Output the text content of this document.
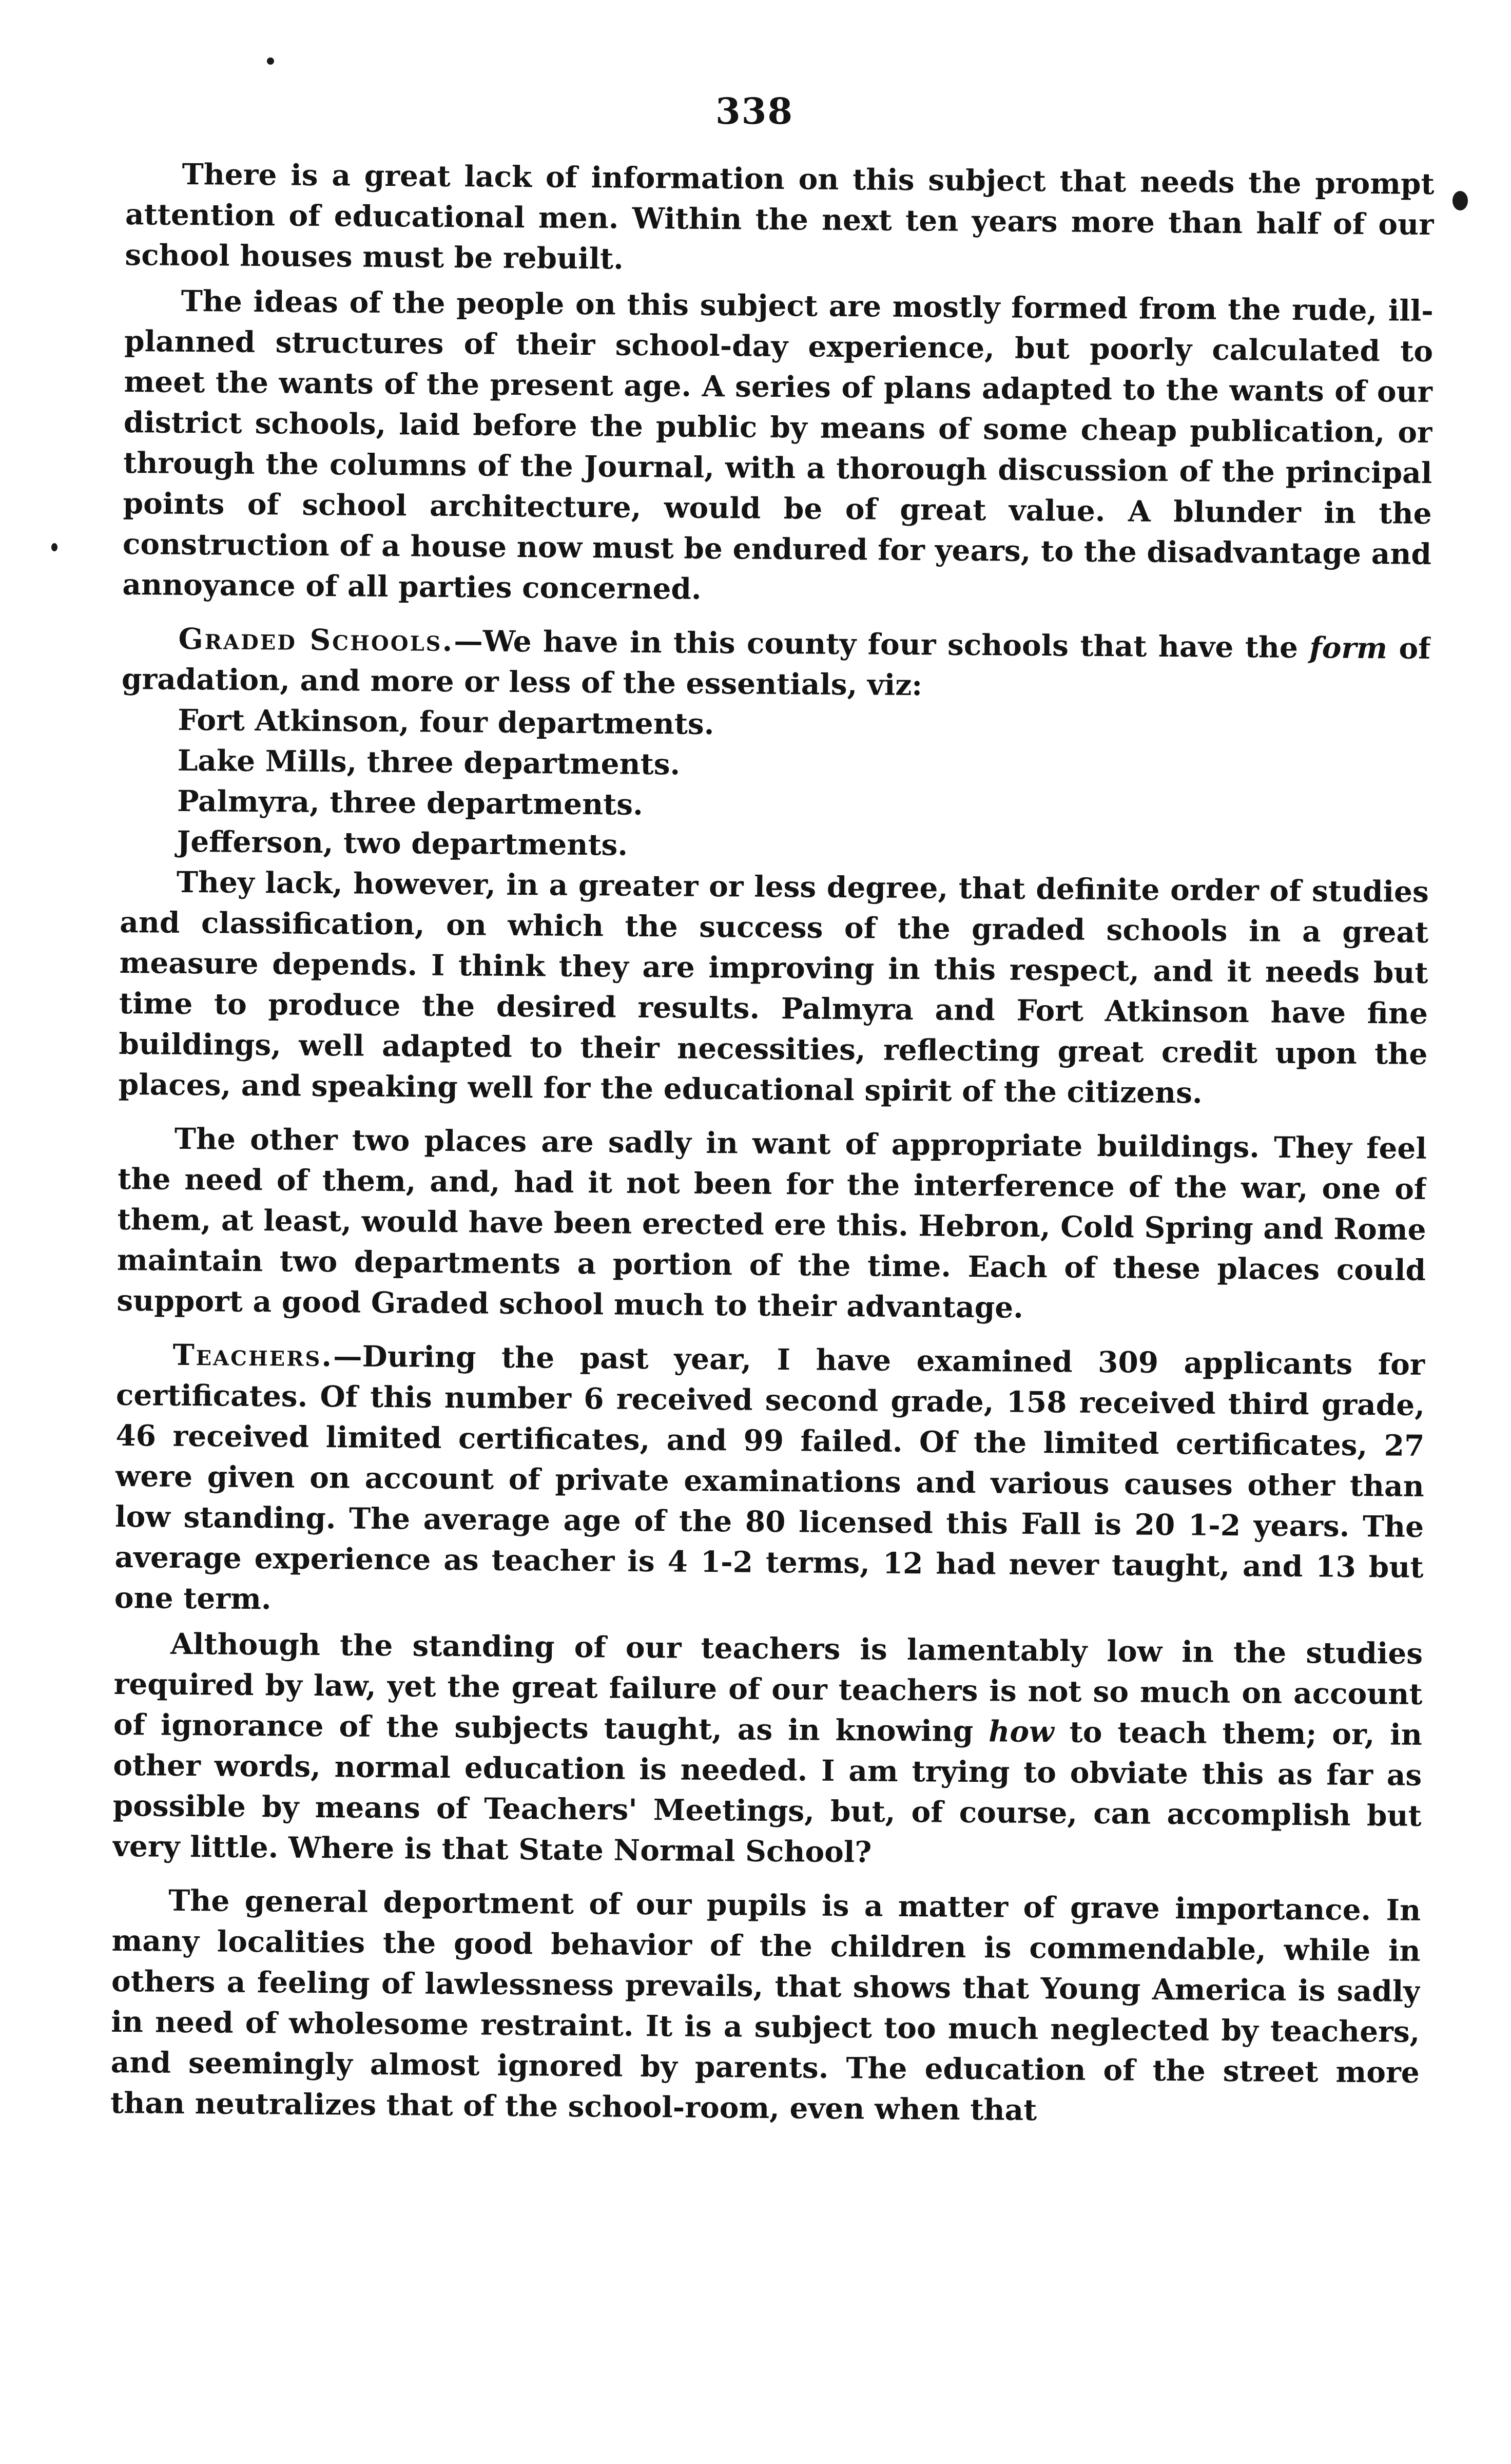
338

There is a great lack of information on this subject that needs the prompt attention of educational men. Within the next ten years more than half of our school houses must be rebuilt.

The ideas of the people on this subject are mostly formed from the rude, ill-planned structures of their school-day experience, but poorly calculated to meet the wants of the present age. A series of plans adapted to the wants of our district schools, laid before the public by means of some cheap publication, or through the columns of the Journal, with a thorough discussion of the principal points of school architecture, would be of great value. A blunder in the construction of a house now must be endured for years, to the disadvantage and annoyance of all parties concerned.

Graded Schools.—We have in this county four schools that have the form of gradation, and more or less of the essentials, viz:

Fort Atkinson, four departments.

Lake Mills, three departments.

Palmyra, three departments.

Jefferson, two departments.

They lack, however, in a greater or less degree, that definite order of studies and classification, on which the success of the graded schools in a great measure depends. I think they are improving in this respect, and it needs but time to produce the desired results. Palmyra and Fort Atkinson have fine buildings, well adapted to their necessities, reflecting great credit upon the places, and speaking well for the educational spirit of the citizens.

The other two places are sadly in want of appropriate buildings. They feel the need of them, and, had it not been for the interference of the war, one of them, at least, would have been erected ere this. Hebron, Cold Spring and Rome maintain two departments a portion of the time. Each of these places could support a good Graded school much to their advantage.

Teachers.—During the past year, I have examined 309 applicants for certificates. Of this number 6 received second grade, 158 received third grade, 46 received limited certificates, and 99 failed. Of the limited certificates, 27 were given on account of private examinations and various causes other than low standing. The average age of the 80 licensed this Fall is 20 1-2 years. The average experience as teacher is 4 1-2 terms, 12 had never taught, and 13 but one term.

Although the standing of our teachers is lamentably low in the studies required by law, yet the great failure of our teachers is not so much on account of ignorance of the subjects taught, as in knowing how to teach them; or, in other words, normal education is needed. I am trying to obviate this as far as possible by means of Teachers' Meetings, but, of course, can accomplish but very little. Where is that State Normal School?

The general deportment of our pupils is a matter of grave importance. In many localities the good behavior of the children is commendable, while in others a feeling of lawlessness prevails, that shows that Young America is sadly in need of wholesome restraint. It is a subject too much neglected by teachers, and seemingly almost ignored by parents. The education of the street more than neutralizes that of the school-room, even when that
